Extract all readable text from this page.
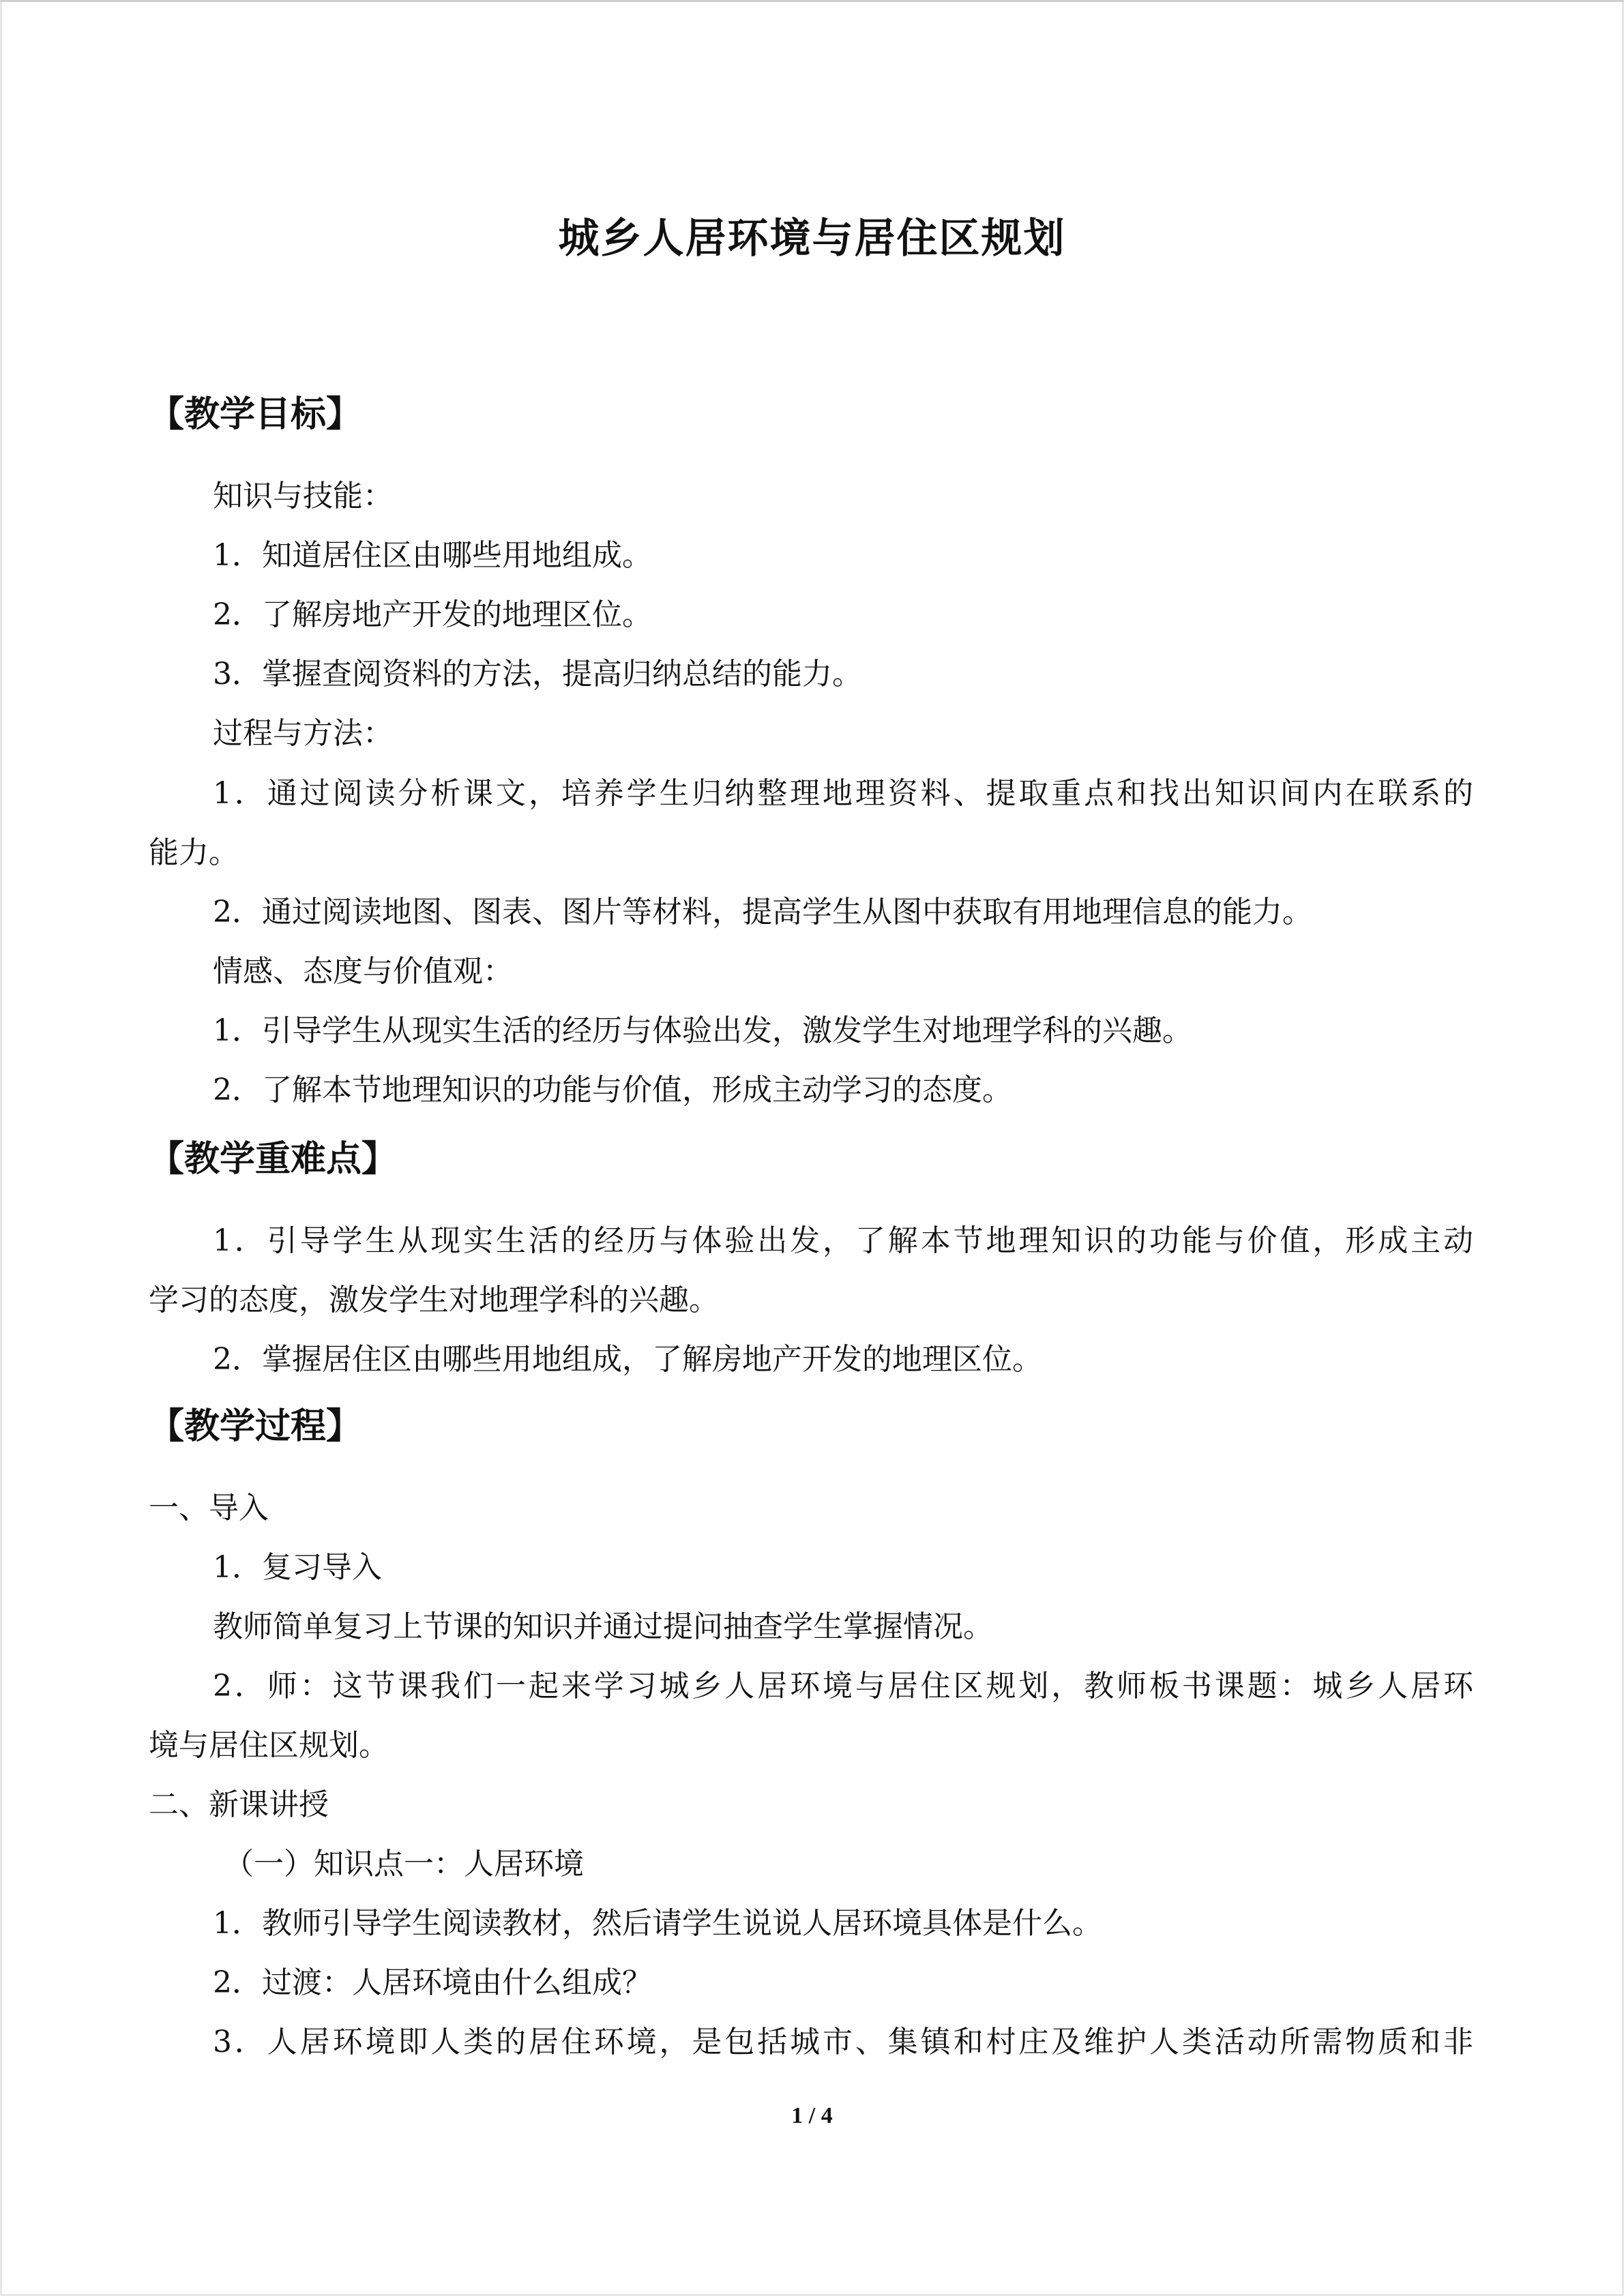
城乡人居环境与居住区规划
【教学目标】
知识与技能：
1．知道居住区由哪些用地组成。
2．了解房地产开发的地理区位。
3．掌握查阅资料的方法，提高归纳总结的能力。
过程与方法：
1．通过阅读分析课文，培养学生归纳整理地理资料、提取重点和找出知识间内在联系的
能力。
2．通过阅读地图、图表、图片等材料，提高学生从图中获取有用地理信息的能力。
情感、态度与价值观：
1．引导学生从现实生活的经历与体验出发，激发学生对地理学科的兴趣。
2．了解本节地理知识的功能与价值，形成主动学习的态度。
【教学重难点】
1．引导学生从现实生活的经历与体验出发，了解本节地理知识的功能与价值，形成主动
学习的态度，激发学生对地理学科的兴趣。
2．掌握居住区由哪些用地组成，了解房地产开发的地理区位。
【教学过程】
一、导入
1．复习导入
教师简单复习上节课的知识并通过提问抽查学生掌握情况。
2．师：这节课我们一起来学习城乡人居环境与居住区规划，教师板书课题：城乡人居环
境与居住区规划。
二、新课讲授
（一）知识点一：人居环境
1．教师引导学生阅读教材，然后请学生说说人居环境具体是什么。
2．过渡：人居环境由什么组成？
3．人居环境即人类的居住环境，是包括城市、集镇和村庄及维护人类活动所需物质和非
1 / 4
